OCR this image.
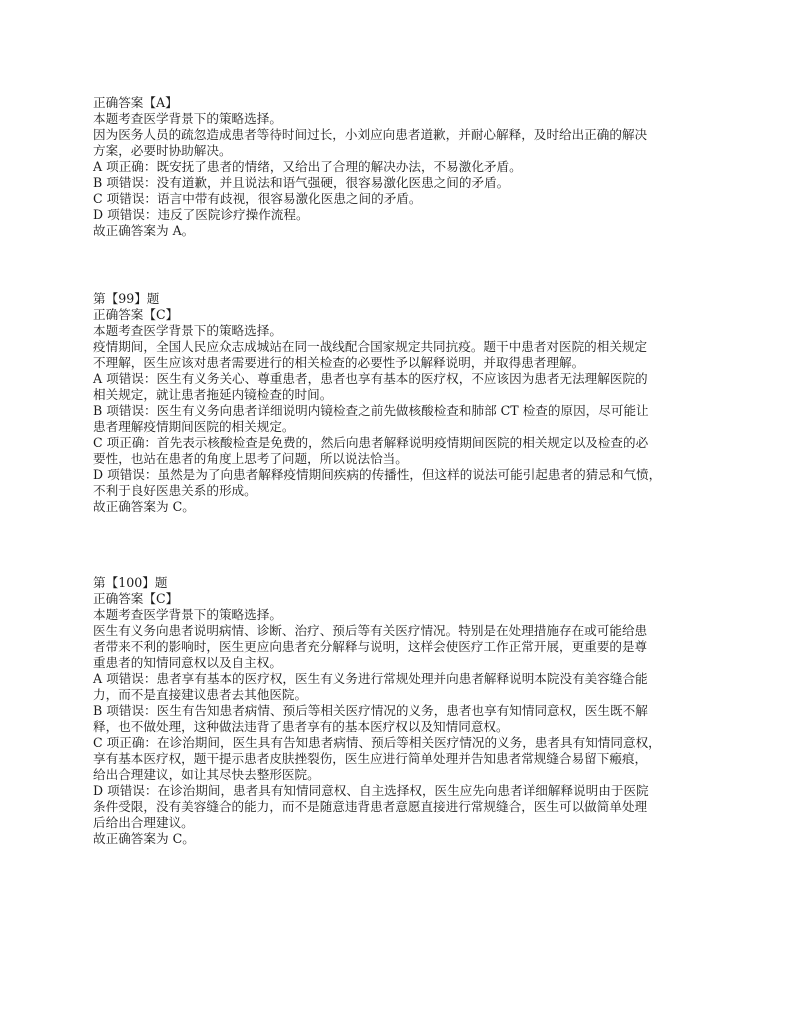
正确答案【A】
本题考查医学背景下的策略选择。
因为医务人员的疏忽造成患者等待时间过长，小刘应向患者道歉，并耐心解释，及时给出正确的解决
方案，必要时协助解决。
A 项正确：既安抚了患者的情绪，又给出了合理的解决办法，不易激化矛盾。
B 项错误：没有道歉，并且说法和语气强硬，很容易激化医患之间的矛盾。
C 项错误：语言中带有歧视，很容易激化医患之间的矛盾。
D 项错误：违反了医院诊疗操作流程。
故正确答案为 A。
第【99】题
正确答案【C】
本题考查医学背景下的策略选择。
疫情期间，全国人民应众志成城站在同一战线配合国家规定共同抗疫。题干中患者对医院的相关规定
不理解，医生应该对患者需要进行的相关检查的必要性予以解释说明，并取得患者理解。
A 项错误：医生有义务关心、尊重患者，患者也享有基本的医疗权，不应该因为患者无法理解医院的
相关规定，就让患者拖延内镜检查的时间。
B 项错误：医生有义务向患者详细说明内镜检查之前先做核酸检查和肺部 CT 检查的原因，尽可能让
患者理解疫情期间医院的相关规定。
C 项正确：首先表示核酸检查是免费的，然后向患者解释说明疫情期间医院的相关规定以及检查的必
要性，也站在患者的角度上思考了问题，所以说法恰当。
D 项错误：虽然是为了向患者解释疫情期间疾病的传播性，但这样的说法可能引起患者的猜忌和气愤，
不利于良好医患关系的形成。
故正确答案为 C。
第【100】题
正确答案【C】
本题考查医学背景下的策略选择。
医生有义务向患者说明病情、诊断、治疗、预后等有关医疗情况。特别是在处理措施存在或可能给患
者带来不利的影响时，医生更应向患者充分解释与说明，这样会使医疗工作正常开展，更重要的是尊
重患者的知情同意权以及自主权。
A 项错误：患者享有基本的医疗权，医生有义务进行常规处理并向患者解释说明本院没有美容缝合能
力，而不是直接建议患者去其他医院。
B 项错误：医生有告知患者病情、预后等相关医疗情况的义务，患者也享有知情同意权，医生既不解
释，也不做处理，这种做法违背了患者享有的基本医疗权以及知情同意权。
C 项正确：在诊治期间，医生具有告知患者病情、预后等相关医疗情况的义务，患者具有知情同意权，
享有基本医疗权，题干提示患者皮肤挫裂伤，医生应进行简单处理并告知患者常规缝合易留下瘢痕，
给出合理建议，如让其尽快去整形医院。
D 项错误：在诊治期间，患者具有知情同意权、自主选择权，医生应先向患者详细解释说明由于医院
条件受限，没有美容缝合的能力，而不是随意违背患者意愿直接进行常规缝合，医生可以做简单处理
后给出合理建议。
故正确答案为 C。
